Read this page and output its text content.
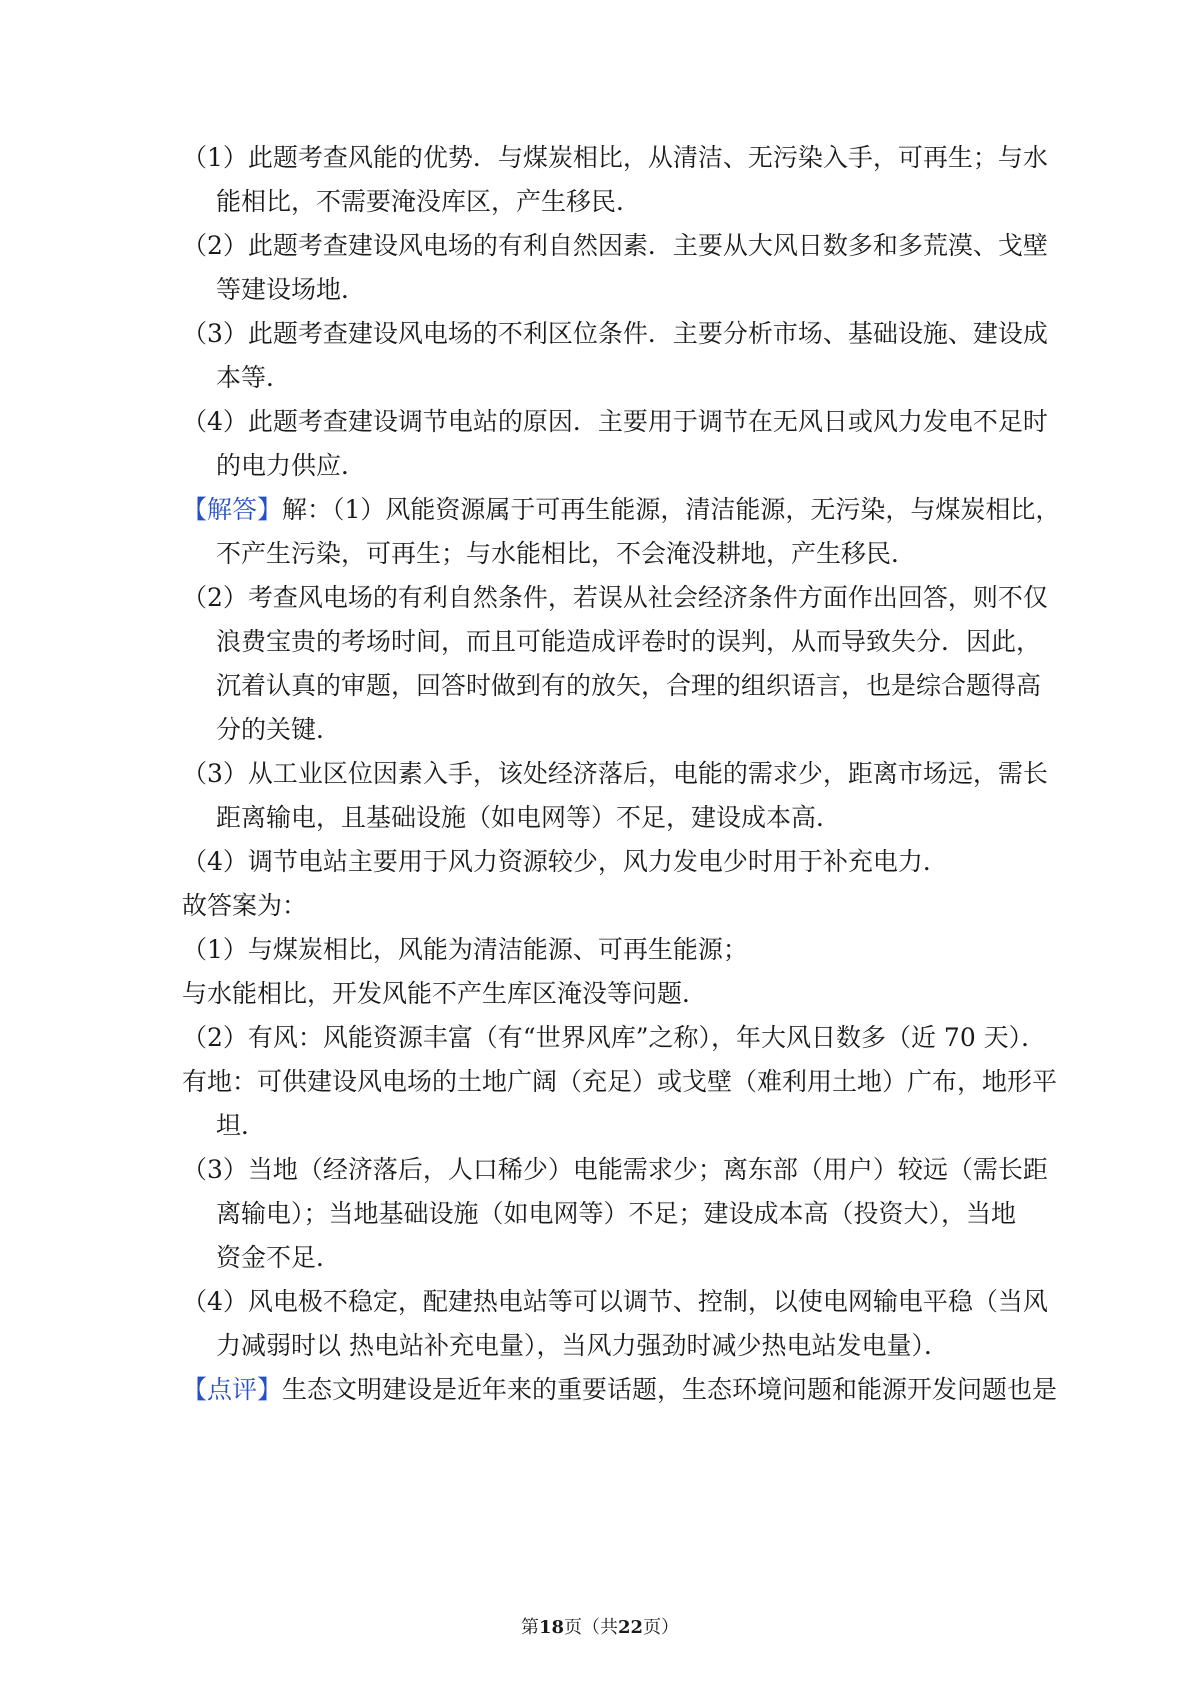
（1）此题考查风能的优势．与煤炭相比，从清洁、无污染入手，可再生；与水
能相比，不需要淹没库区，产生移民．
（2）此题考查建设风电场的有利自然因素．主要从大风日数多和多荒漠、戈壁
等建设场地．
（3）此题考查建设风电场的不利区位条件．主要分析市场、基础设施、建设成
本等．
（4）此题考查建设调节电站的原因．主要用于调节在无风日或风力发电不足时
的电力供应．
【解答】解：（1）风能资源属于可再生能源，清洁能源，无污染，与煤炭相比，
不产生污染，可再生；与水能相比，不会淹没耕地，产生移民．
（2）考查风电场的有利自然条件，若误从社会经济条件方面作出回答，则不仅
浪费宝贵的考场时间，而且可能造成评卷时的误判，从而导致失分．因此，
沉着认真的审题，回答时做到有的放矢，合理的组织语言，也是综合题得高
分的关键．
（3）从工业区位因素入手，该处经济落后，电能的需求少，距离市场远，需长
距离输电，且基础设施（如电网等）不足，建设成本高．
（4）调节电站主要用于风力资源较少，风力发电少时用于补充电力．
故答案为：
（1）与煤炭相比，风能为清洁能源、可再生能源；
与水能相比，开发风能不产生库区淹没等问题．
（2）有风：风能资源丰富（有“世界风库”之称），年大风日数多（近 70 天）．
有地：可供建设风电场的土地广阔（充足）或戈壁（难利用土地）广布，地形平
坦．
（3）当地（经济落后，人口稀少）电能需求少；离东部（用户）较远（需长距
离输电）；当地基础设施（如电网等）不足；建设成本高（投资大），当地
资金不足．
（4）风电极不稳定，配建热电站等可以调节、控制，以使电网输电平稳（当风
力减弱时以 热电站补充电量），当风力强劲时减少热电站发电量）．
【点评】生态文明建设是近年来的重要话题，生态环境问题和能源开发问题也是
第18页（共22页）
